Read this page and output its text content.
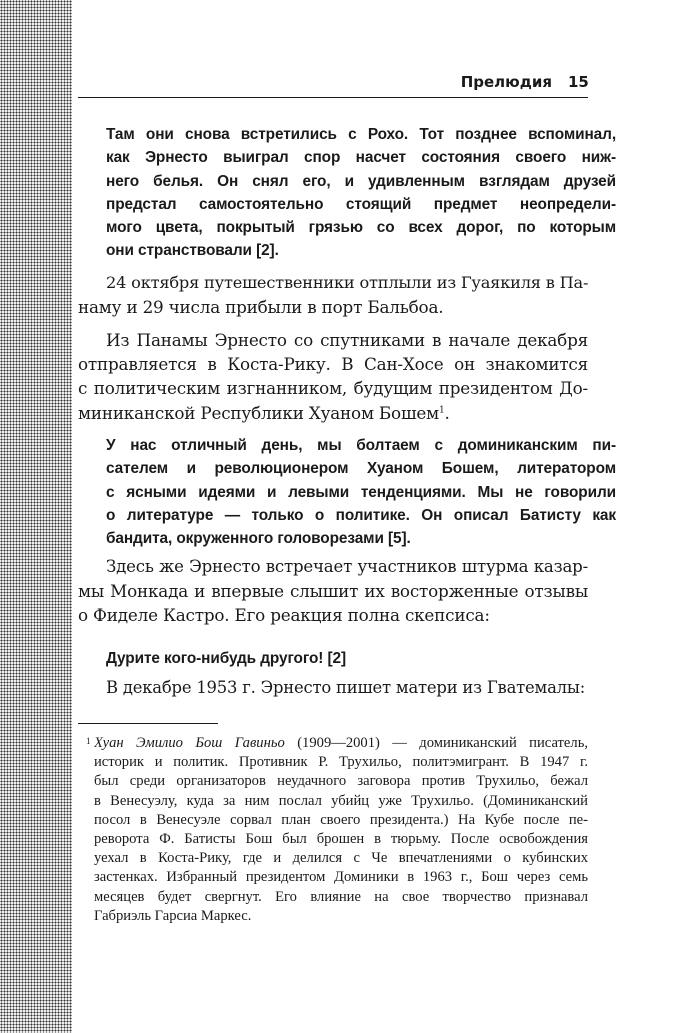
Прелюдия 15
Там они снова встретились с Рохо. Тот позднее вспоминал,
как Эрнесто выиграл спор насчет состояния своего ниж-
него белья. Он снял его, и удивленным взглядам друзей
предстал самостоятельно стоящий предмет неопредели-
мого цвета, покрытый грязью со всех дорог, по которым
они странствовали [2].
24 октября путешественники отплыли из Гуаякиля в Па-
наму и 29 числа прибыли в порт Бальбоа.
Из Панамы Эрнесто со спутниками в начале декабря
отправляется в Коста-Рику. В Сан-Хосе он знакомится
с политическим изгнанником, будущим президентом До-
миниканской Республики Хуаном Бошем$^1$.
У нас отличный день, мы болтаем с доминиканским пи-
сателем и революционером Хуаном Бошем, литератором
с ясными идеями и левыми тенденциями. Мы не говорили
о литературе — только о политике. Он описал Батисту как
бандита, окруженного головорезами [5].
Здесь же Эрнесто встречает участников штурма казар-
мы Монкада и впервые слышит их восторженные отзывы
о Фиделе Кастро. Его реакция полна скепсиса:
Дурите кого-нибудь другого! [2]
В декабре 1953 г. Эрнесто пишет матери из Гватемалы:
1 Хуан Эмилио Бош Гавиньо (1909—2001) — доминиканский писатель,
историк и политик. Противник Р. Трухильо, политэмигрант. В 1947 г.
был среди организаторов неудачного заговора против Трухильо, бежал
в Венесуэлу, куда за ним послал убийц уже Трухильо. (Доминиканский
посол в Венесуэле сорвал план своего президента.) На Кубе после пе-
реворота Ф. Батисты Бош был брошен в тюрьму. После освобождения
уехал в Коста-Рику, где и делился с Че впечатлениями о кубинских
застенках. Избранный президентом Доминики в 1963 г., Бош через семь
месяцев будет свергнут. Его влияние на свое творчество признавал
Габриэль Гарсиа Маркес.
